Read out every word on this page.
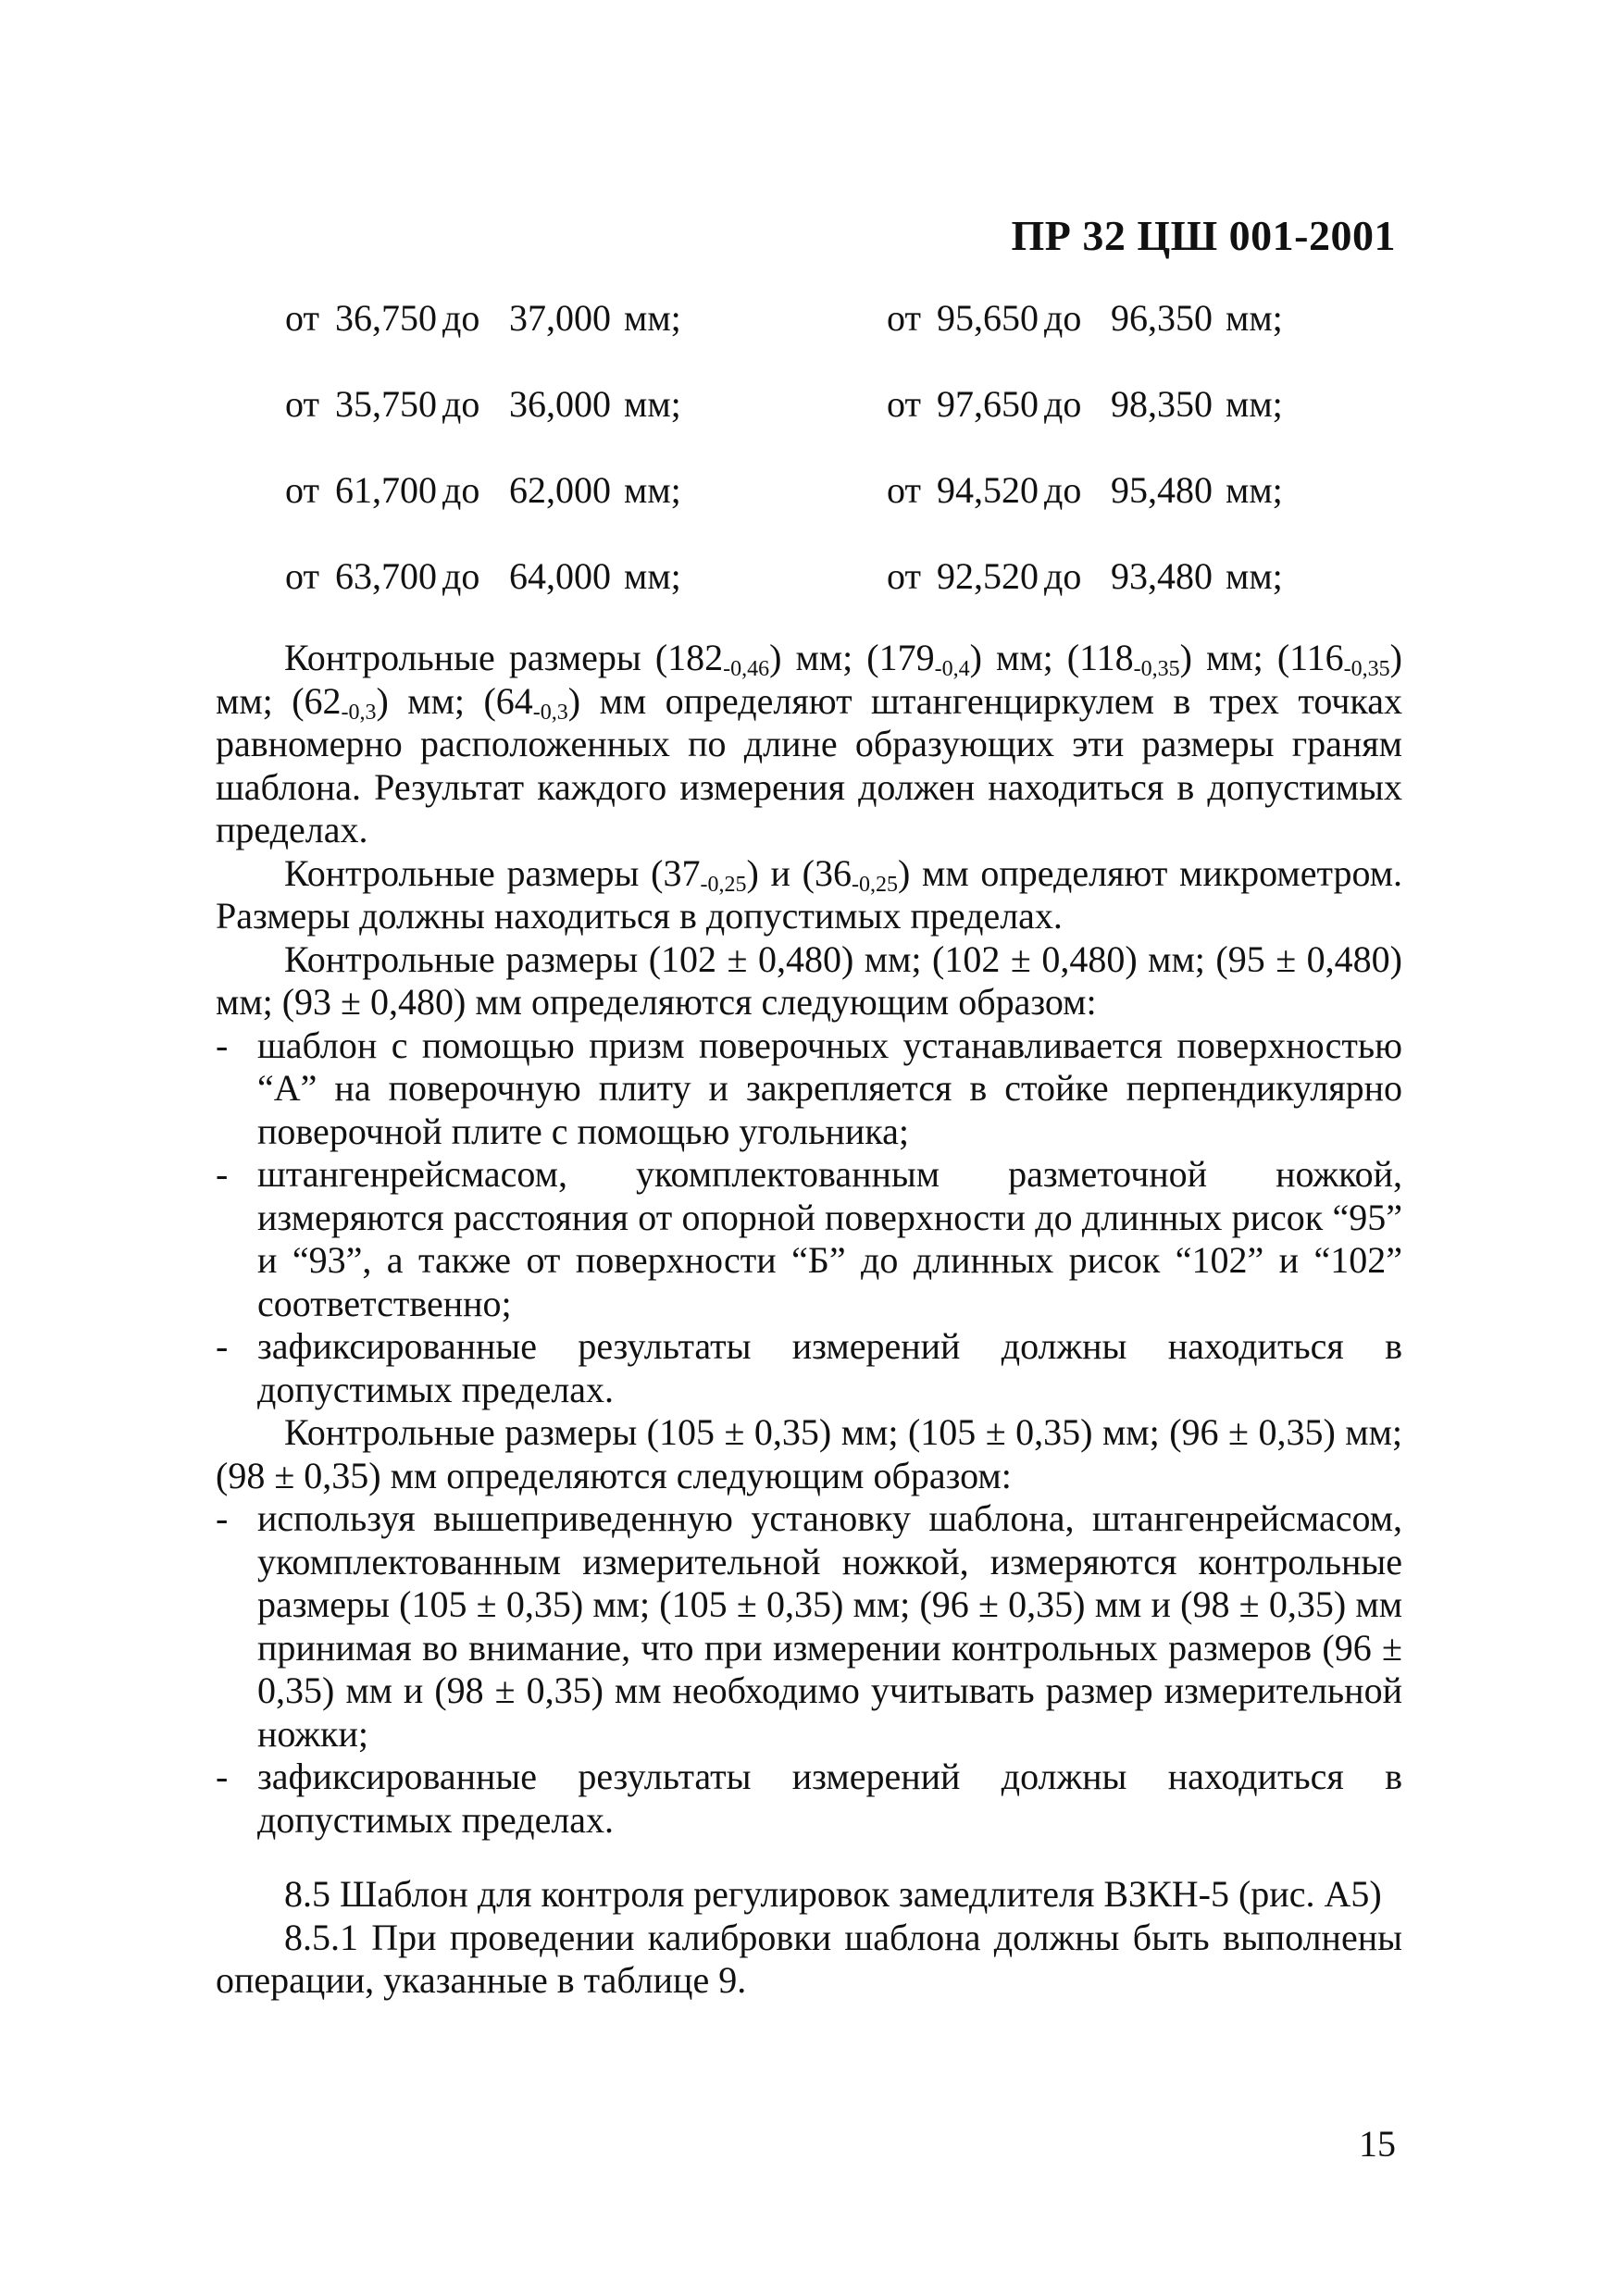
ПР 32 ЦШ 001-2001
от 36,750 до 37,000 мм;	от 95,650 до 96,350 мм;
от 35,750 до 36,000 мм;	от 97,650 до 98,350 мм;
от 61,700 до 62,000 мм;	от 94,520 до 95,480 мм;
от 63,700 до 64,000 мм;	от 92,520 до 93,480 мм;

Контрольные размеры $(182_{-0,46})$ мм; $(179_{-0,4})$ мм; $(118_{-0,35})$ мм; $(116_{-0,35})$ мм; $(62_{-0,3})$ мм; $(64_{-0,3})$ мм определяют штангенциркулем в трех точках равномерно расположенных по длине образующих эти размеры граням шаблона. Результат каждого измерения должен находиться в допустимых пределах.

Контрольные размеры $(37_{-0,25})$ и $(36_{-0,25})$ мм определяют микрометром. Размеры должны находиться в допустимых пределах.

Контрольные размеры (102 ± 0,480) мм; (102 ± 0,480) мм; (95 ± 0,480) мм; (93 ± 0,480) мм определяются следующим образом:

- шаблон с помощью призм поверочных устанавливается поверхностью “А” на поверочную плиту и закрепляется в стойке перпендикулярно поверочной плите с помощью угольника;
- штангенрейсмасом, укомплектованным разметочной ножкой, измеряются расстояния от опорной поверхности до длинных рисок “95” и “93”, а также от поверхности “Б” до длинных рисок “102” и “102” соответственно;
- зафиксированные результаты измерений должны находиться в допустимых пределах.

Контрольные размеры (105 ± 0,35) мм; (105 ± 0,35) мм; (96 ± 0,35) мм; (98 ± 0,35) мм определяются следующим образом:

- используя вышеприведенную установку шаблона, штангенрейсмасом, укомплектованным измерительной ножкой, измеряются контрольные размеры (105 ± 0,35) мм; (105 ± 0,35) мм; (96 ± 0,35) мм и (98 ± 0,35) мм принимая во внимание, что при измерении контрольных размеров (96 ± 0,35) мм и (98 ± 0,35) мм необходимо учитывать размер измерительной ножки;
- зафиксированные результаты измерений должны находиться в допустимых пределах.

8.5 Шаблон для контроля регулировок замедлителя ВЗКН-5 (рис. А5)

8.5.1 При проведении калибровки шаблона должны быть выполнены операции, указанные в таблице 9.

15
